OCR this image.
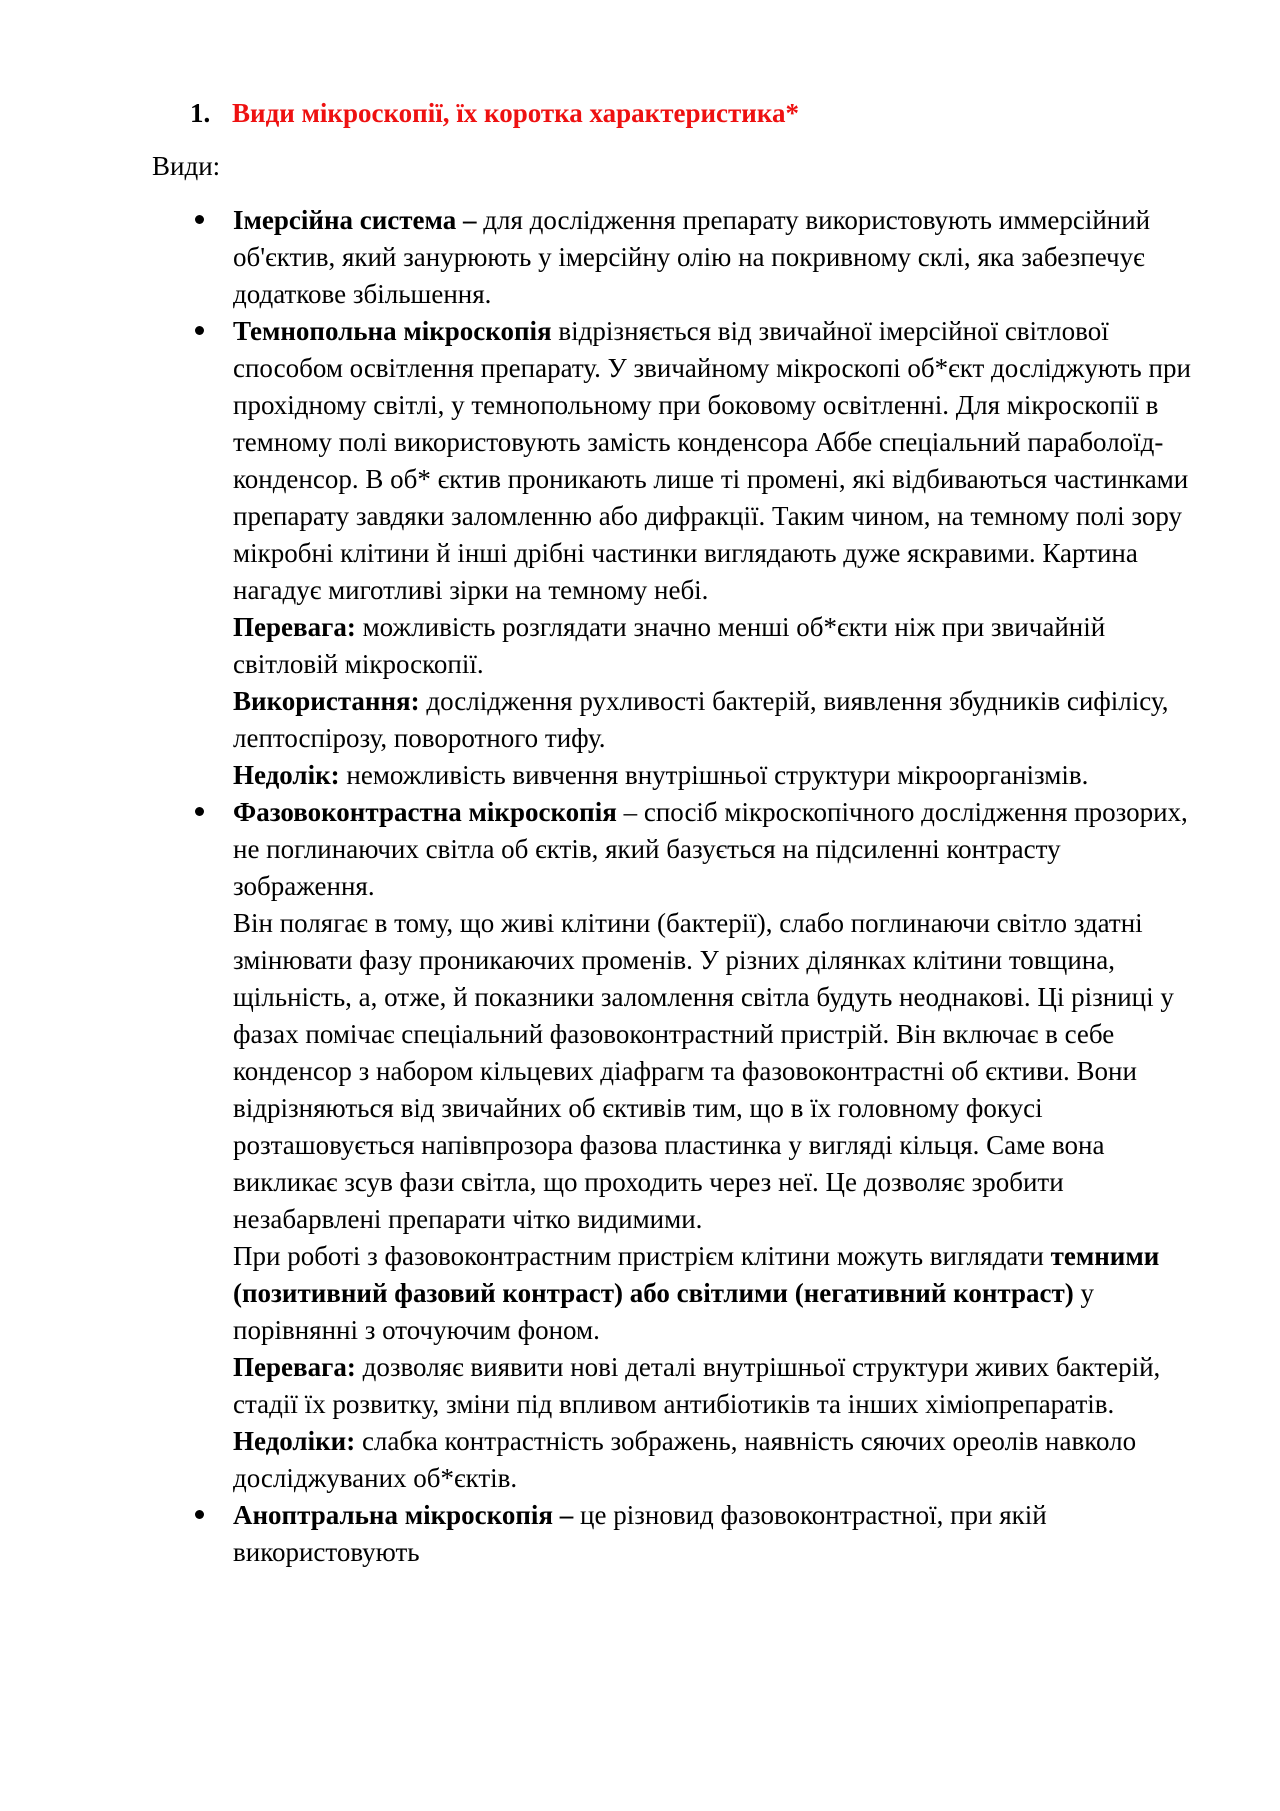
1. Види мікроскопії, їх коротка характеристика*
Види:

Імерсійна система – для дослідження препарату використовують иммерсійний об'єктив, який занурюють у імерсійну олію на покривному склі, яка забезпечує додаткове збільшення.

Темнопольна мікроскопія відрізняється від звичайної імерсійної світлової способом освітлення препарату. У звичайному мікроскопі об*єкт досліджують при прохідному світлі, у темнопольному при боковому освітленні. Для мікроскопії в темному полі використовують замість конденсора Аббе спеціальний параболоїд-конденсор. В об* єктив проникають лише ті промені, які відбиваються частинками препарату завдяки заломленню або дифракції. Таким чином, на темному полі зору мікробні клітини й інші дрібні частинки виглядають дуже яскравими. Картина нагадує миготливі зірки на темному небі.

Перевага: можливість розглядати значно менші об*єкти ніж при звичайній світловій мікроскопії.

Використання: дослідження рухливості бактерій, виявлення збудників сифілісу, лептоспірозу, поворотного тифу.

Недолік: неможливість вивчення внутрішньої структури мікроорганізмів.

Фазовоконтрастна мікроскопія – спосіб мікроскопічного дослідження прозорих, не поглинаючих світла об єктів, який базується на підсиленні контрасту зображення.

Він полягає в тому, що живі клітини (бактерії), слабо поглинаючи світло здатні змінювати фазу проникаючих променів. У різних ділянках клітини товщина, щільність, а, отже, й показники заломлення світла будуть неоднакові. Ці різниці у фазах помічає спеціальний фазовоконтрастний пристрій. Він включає в себе конденсор з набором кільцевих діафрагм та фазовоконтрастні об єктиви. Вони відрізняються від звичайних об єктивів тим, що в їх головному фокусі розташовується напівпрозора фазова пластинка у вигляді кільця. Саме вона викликає зсув фази світла, що проходить через неї. Це дозволяє зробити незабарвлені препарати чітко видимими.

При роботі з фазовоконтрастним пристрієм клітини можуть виглядати темними (позитивний фазовий контраст) або світлими (негативний контраст) у порівнянні з оточуючим фоном.

Перевага: дозволяє виявити нові деталі внутрішньої структури живих бактерій, стадії їх розвитку, зміни під впливом антибіотиків та інших хіміопрепаратів.

Недоліки: слабка контрастність зображень, наявність сяючих ореолів навколо досліджуваних об*єктів.

Аноптральна мікроскопія – це різновид фазовоконтрастної, при якій використовують
